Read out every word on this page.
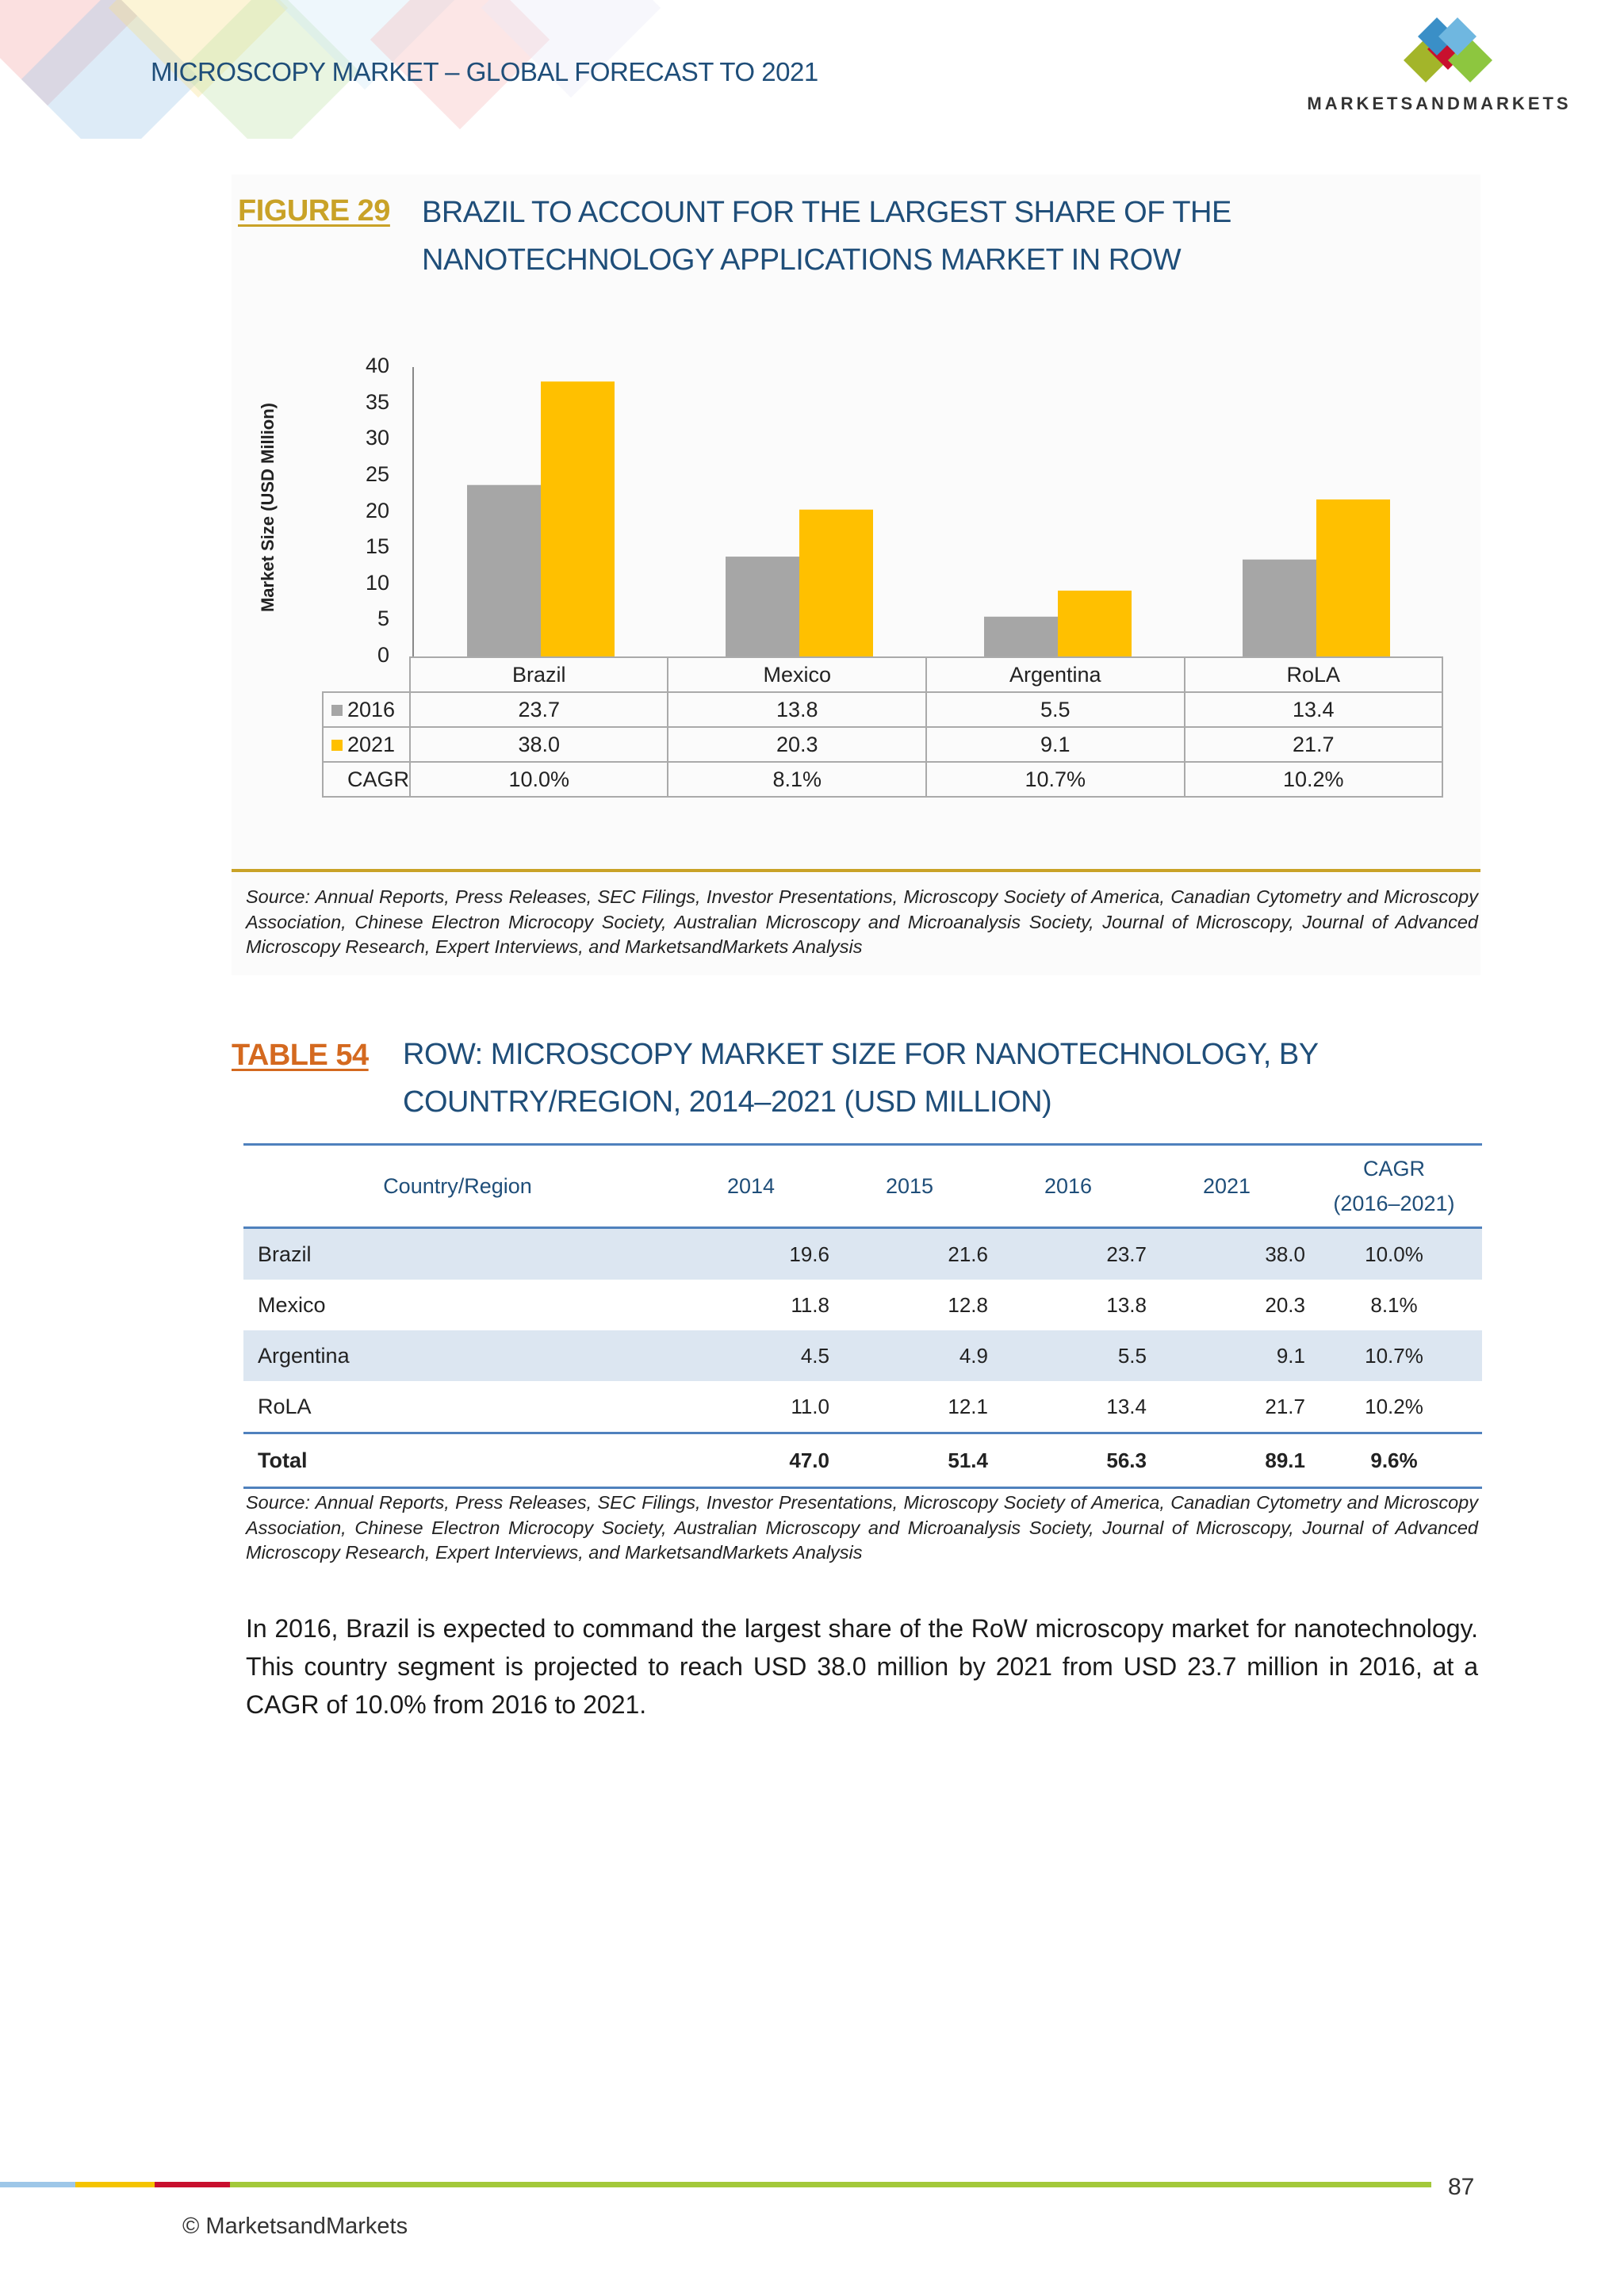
MICROSCOPY MARKET – GLOBAL FORECAST TO 2021
MARKETSANDMARKETS
FIGURE 29 BRAZIL TO ACCOUNT FOR THE LARGEST SHARE OF THE NANOTECHNOLOGY APPLICATIONS MARKET IN ROW
Market Size (USD Million)
0
5
10
15
20
25
30
35
40
	Brazil	Mexico	Argentina	RoLA
2016	23.7	13.8	5.5	13.4
2021	38.0	20.3	9.1	21.7
CAGR	10.0%	8.1%	10.7%	10.2%
Source: Annual Reports, Press Releases, SEC Filings, Investor Presentations, Microscopy Society of America, Canadian Cytometry and Microscopy Association, Chinese Electron Microcopy Society, Australian Microscopy and Microanalysis Society, Journal of Microscopy, Journal of Advanced Microscopy Research, Expert Interviews, and MarketsandMarkets Analysis
TABLE 54 ROW: MICROSCOPY MARKET SIZE FOR NANOTECHNOLOGY, BY COUNTRY/REGION, 2014–2021 (USD MILLION)
Country/Region	2014	2015	2016	2021	CAGR
(2016–2021)
Brazil	19.6	21.6	23.7	38.0	10.0%
Mexico	11.8	12.8	13.8	20.3	8.1%
Argentina	4.5	4.9	5.5	9.1	10.7%
RoLA	11.0	12.1	13.4	21.7	10.2%
Total	47.0	51.4	56.3	89.1	9.6%
Source: Annual Reports, Press Releases, SEC Filings, Investor Presentations, Microscopy Society of America, Canadian Cytometry and Microscopy Association, Chinese Electron Microcopy Society, Australian Microscopy and Microanalysis Society, Journal of Microscopy, Journal of Advanced Microscopy Research, Expert Interviews, and MarketsandMarkets Analysis
In 2016, Brazil is expected to command the largest share of the RoW microscopy market for nanotechnology. This country segment is projected to reach USD 38.0 million by 2021 from USD 23.7 million in 2016, at a CAGR of 10.0% from 2016 to 2021.
87
© MarketsandMarkets
